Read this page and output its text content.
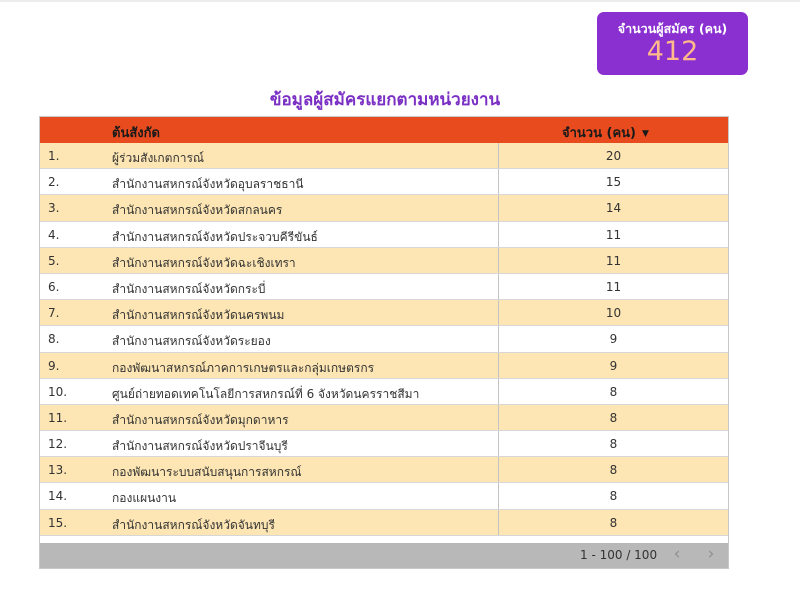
จำนวนผู้สมัคร (คน)
412
ข้อมูลผู้สมัครแยกตามหน่วยงาน
ต้นสังกัด	จำนวน (คน) ▼
1.	ผู้ร่วมสังเกตการณ์	20
2.	สำนักงานสหกรณ์จังหวัดอุบลราชธานี	15
3.	สำนักงานสหกรณ์จังหวัดสกลนคร	14
4.	สำนักงานสหกรณ์จังหวัดประจวบคีรีขันธ์	11
5.	สำนักงานสหกรณ์จังหวัดฉะเชิงเทรา	11
6.	สำนักงานสหกรณ์จังหวัดกระบี่	11
7.	สำนักงานสหกรณ์จังหวัดนครพนม	10
8.	สำนักงานสหกรณ์จังหวัดระยอง	9
9.	กองพัฒนาสหกรณ์ภาคการเกษตรและกลุ่มเกษตรกร	9
10.	ศูนย์ถ่ายทอดเทคโนโลยีการสหกรณ์ที่ 6 จังหวัดนครราชสีมา	8
11.	สำนักงานสหกรณ์จังหวัดมุกดาหาร	8
12.	สำนักงานสหกรณ์จังหวัดปราจีนบุรี	8
13.	กองพัฒนาระบบสนับสนุนการสหกรณ์	8
14.	กองแผนงาน	8
15.	สำนักงานสหกรณ์จังหวัดจันทบุรี	8
1 - 100 / 100 ‹	›
